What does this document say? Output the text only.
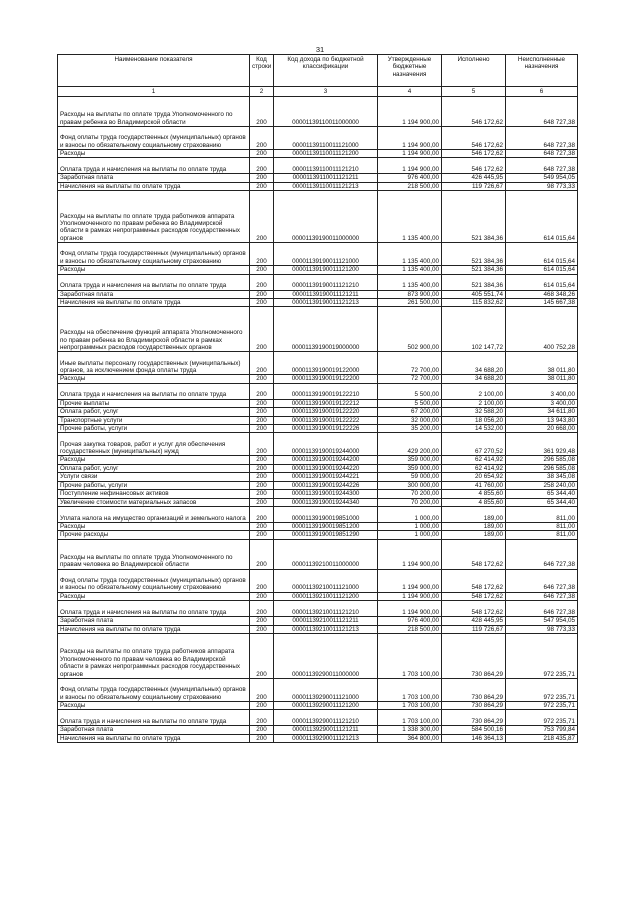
31
Наименование показателя	Код строки	Код дохода по бюджетной классификации	Утвержденные бюджетные назначения	Исполнено	Неисполненные назначения
1	2	3	4	5	6
Расходы на выплаты по оплате труда Уполномоченного по правам ребенка во Владимирской области	200	00001139110011000000	1 194 900,00	546 172,62	648 727,38
Фонд оплаты труда государственных (муниципальных) органов и взносы по обязательному социальному страхованию	200	00001139110011121000	1 194 900,00	546 172,62	648 727,38
Расходы	200	00001139110011121200	1 194 900,00	546 172,62	648 727,38
Оплата труда и начисления на выплаты по оплате труда	200	00001139110011121210	1 194 900,00	546 172,62	648 727,38
Заработная плата	200	00001139110011121211	976 400,00	426 445,95	549 954,05
Начисления на выплаты по оплате труда	200	00001139110011121213	218 500,00	119 726,67	98 773,33
Расходы на выплаты по оплате труда работников аппарата Уполномоченного по правам ребенка во Владимирской области в рамках непрограммных расходов государственных органов	200	00001139190011000000	1 135 400,00	521 384,36	614 015,64
Фонд оплаты труда государственных (муниципальных) органов и взносы по обязательному социальному страхованию	200	00001139190011121000	1 135 400,00	521 384,36	614 015,64
Расходы	200	00001139190011121200	1 135 400,00	521 384,36	614 015,64
Оплата труда и начисления на выплаты по оплате труда	200	00001139190011121210	1 135 400,00	521 384,36	614 015,64
Заработная плата	200	00001139190011121211	873 900,00	405 551,74	468 348,26
Начисления на выплаты по оплате труда	200	00001139190011121213	261 500,00	115 832,62	145 667,38
Расходы на обеспечение функций аппарата Уполномоченного по правам ребенка во Владимирской области в рамках непрограммных расходов государственных органов	200	00001139190019000000	502 900,00	102 147,72	400 752,28
Иные выплаты персоналу государственных (муниципальных) органов, за исключением фонда оплаты труда	200	00001139190019122000	72 700,00	34 688,20	38 011,80
Расходы	200	00001139190019122200	72 700,00	34 688,20	38 011,80
Оплата труда и начисления на выплаты по оплате труда	200	00001139190019122210	5 500,00	2 100,00	3 400,00
Прочие выплаты	200	00001139190019122212	5 500,00	2 100,00	3 400,00
Оплата работ, услуг	200	00001139190019122220	67 200,00	32 588,20	34 611,80
Транспортные услуги	200	00001139190019122222	32 000,00	18 056,20	13 943,80
Прочие работы, услуги	200	00001139190019122226	35 200,00	14 532,00	20 668,00
Прочая закупка товаров, работ и услуг для обеспечения государственных (муниципальных) нужд	200	00001139190019244000	429 200,00	67 270,52	361 929,48
Расходы	200	00001139190019244200	359 000,00	62 414,92	296 585,08
Оплата работ, услуг	200	00001139190019244220	359 000,00	62 414,92	296 585,08
Услуги связи	200	00001139190019244221	59 000,00	20 654,92	38 345,08
Прочие работы, услуги	200	00001139190019244226	300 000,00	41 760,00	258 240,00
Поступление нефинансовых активов	200	00001139190019244300	70 200,00	4 855,60	65 344,40
Увеличение стоимости материальных запасов	200	00001139190019244340	70 200,00	4 855,60	65 344,40
Уплата налога на имущество организаций и земельного налога	200	00001139190019851000	1 000,00	189,00	811,00
Расходы	200	00001139190019851200	1 000,00	189,00	811,00
Прочие расходы	200	00001139190019851290	1 000,00	189,00	811,00
Расходы на выплаты по оплате труда Уполномоченного по правам человека во Владимирской области	200	00001139210011000000	1 194 900,00	548 172,62	646 727,38
Фонд оплаты труда государственных (муниципальных) органов и взносы по обязательному социальному страхованию	200	00001139210011121000	1 194 900,00	548 172,62	646 727,38
Расходы	200	00001139210011121200	1 194 900,00	548 172,62	646 727,38
Оплата труда и начисления на выплаты по оплате труда	200	00001139210011121210	1 194 900,00	548 172,62	646 727,38
Заработная плата	200	00001139210011121211	976 400,00	428 445,95	547 954,05
Начисления на выплаты по оплате труда	200	00001139210011121213	218 500,00	119 726,67	98 773,33
Расходы на выплаты по оплате труда работников аппарата Уполномоченного по правам человека во Владимирской области в рамках непрограммных расходов государственных органов	200	00001139290011000000	1 703 100,00	730 864,29	972 235,71
Фонд оплаты труда государственных (муниципальных) органов и взносы по обязательному социальному страхованию	200	00001139290011121000	1 703 100,00	730 864,29	972 235,71
Расходы	200	00001139290011121200	1 703 100,00	730 864,29	972 235,71
Оплата труда и начисления на выплаты по оплате труда	200	00001139290011121210	1 703 100,00	730 864,29	972 235,71
Заработная плата	200	00001139290011121211	1 338 300,00	584 500,16	753 799,84
Начисления на выплаты по оплате труда	200	00001139290011121213	364 800,00	146 364,13	218 435,87
